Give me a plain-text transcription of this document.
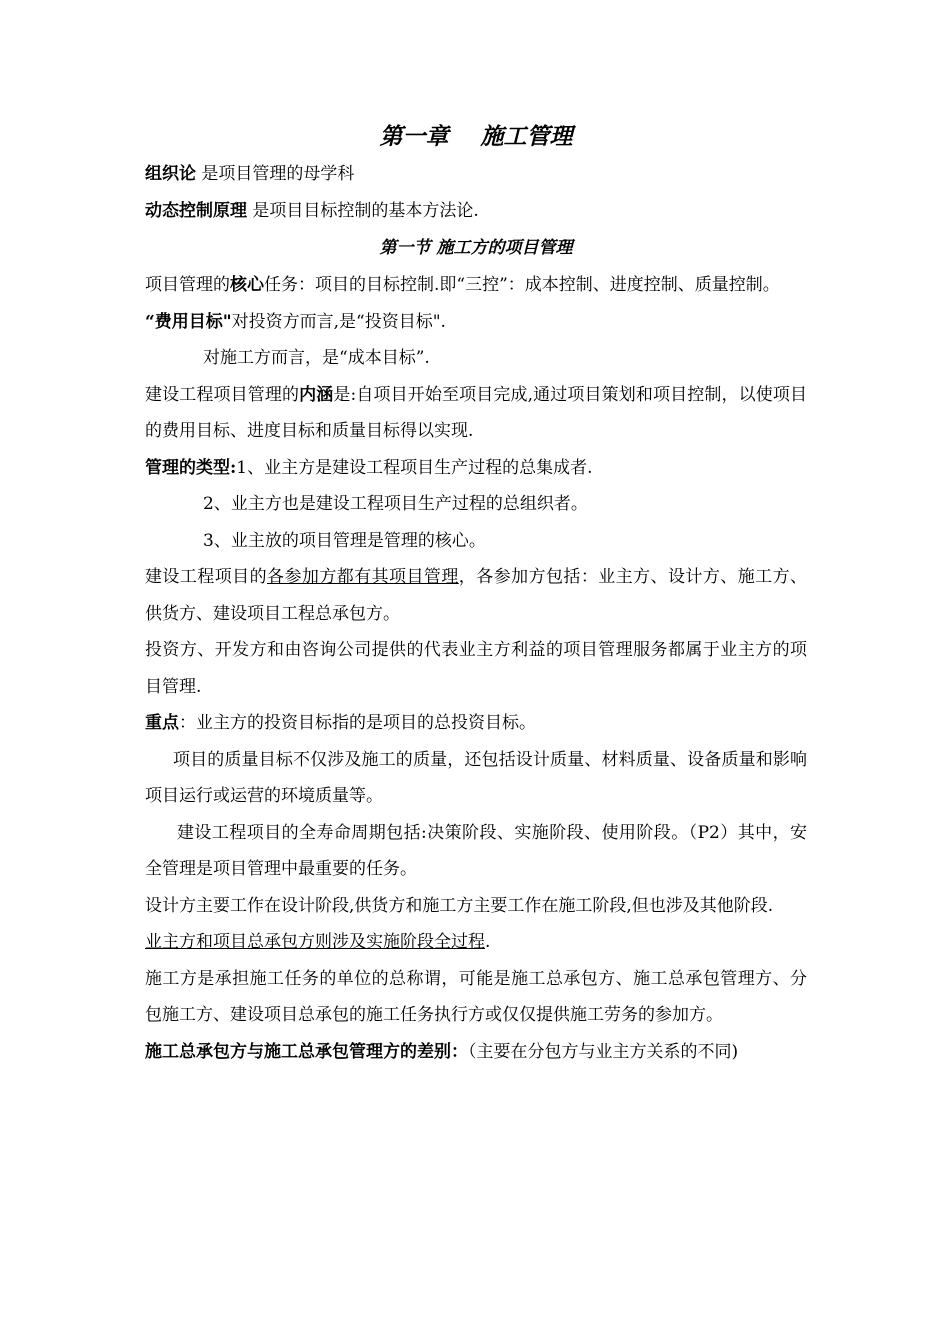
第一章    施工管理

组织论 是项目管理的母学科

动态控制原理 是项目目标控制的基本方法论.

第一节 施工方的项目管理

项目管理的核心任务：项目的目标控制.即“三控”：成本控制、进度控制、质量控制。

“费用目标"对投资方而言,是“投资目标".

对施工方而言，是“成本目标”.

建设工程项目管理的内涵是:自项目开始至项目完成,通过项目策划和项目控制，以使项目的费用目标、进度目标和质量目标得以实现.

管理的类型:1、业主方是建设工程项目生产过程的总集成者.

2、业主方也是建设工程项目生产过程的总组织者。

3、业主放的项目管理是管理的核心。

建设工程项目的各参加方都有其项目管理，各参加方包括：业主方、设计方、施工方、供货方、建设项目工程总承包方。

投资方、开发方和由咨询公司提供的代表业主方利益的项目管理服务都属于业主方的项目管理.

重点：业主方的投资目标指的是项目的总投资目标。

项目的质量目标不仅涉及施工的质量，还包括设计质量、材料质量、设备质量和影响项目运行或运营的环境质量等。

建设工程项目的全寿命周期包括:决策阶段、实施阶段、使用阶段。（P2）其中，安全管理是项目管理中最重要的任务。

设计方主要工作在设计阶段,供货方和施工方主要工作在施工阶段,但也涉及其他阶段.

业主方和项目总承包方则涉及实施阶段全过程.

施工方是承担施工任务的单位的总称谓，可能是施工总承包方、施工总承包管理方、分包施工方、建设项目总承包的施工任务执行方或仅仅提供施工劳务的参加方。

施工总承包方与施工总承包管理方的差别：（主要在分包方与业主方关系的不同)
